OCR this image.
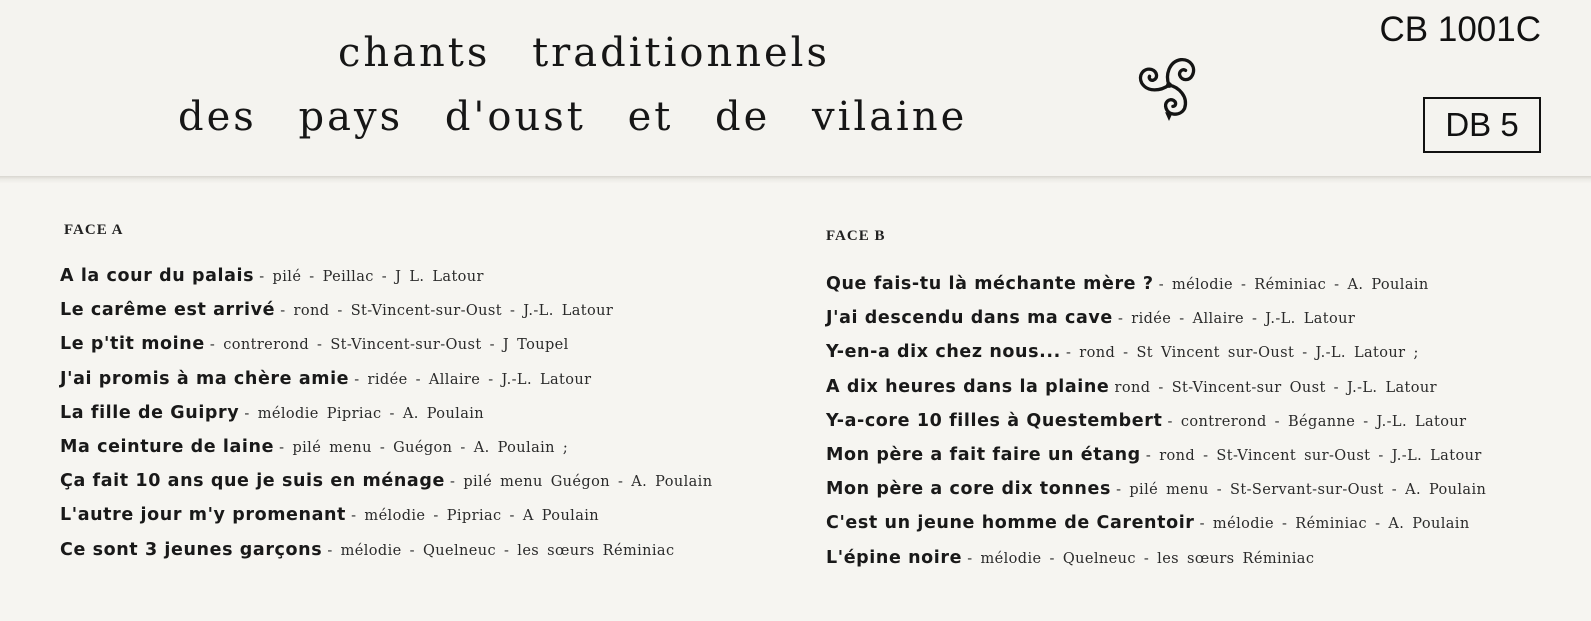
chants traditionnels
des pays d'oust et de vilaine
CB 1001C
DB 5
FACE A
A la cour du palais - pilé - Peillac - J L. Latour
Le carême est arrivé - rond - St-Vincent-sur-Oust - J.-L. Latour
Le p'tit moine - contrerond - St-Vincent-sur-Oust - J Toupel
J'ai promis à ma chère amie - ridée - Allaire - J.-L. Latour
La fille de Guipry - mélodie Pipriac - A. Poulain
Ma ceinture de laine - pilé menu - Guégon - A. Poulain ;
Ça fait 10 ans que je suis en ménage - pilé menu Guégon - A. Poulain
L'autre jour m'y promenant - mélodie - Pipriac - A Poulain
Ce sont 3 jeunes garçons - mélodie - Quelneuc - les sœurs Réminiac
FACE B
Que fais-tu là méchante mère ? - mélodie - Réminiac - A. Poulain
J'ai descendu dans ma cave - ridée - Allaire - J.-L. Latour
Y-en-a dix chez nous... - rond - St Vincent sur-Oust - J.-L. Latour ;
A dix heures dans la plaine rond - St-Vincent-sur Oust - J.-L. Latour
Y-a-core 10 filles à Questembert - contrerond - Béganne - J.-L. Latour
Mon père a fait faire un étang - rond - St-Vincent sur-Oust - J.-L. Latour
Mon père a core dix tonnes - pilé menu - St-Servant-sur-Oust - A. Poulain
C'est un jeune homme de Carentoir - mélodie - Réminiac - A. Poulain
L'épine noire - mélodie - Quelneuc - les sœurs Réminiac
